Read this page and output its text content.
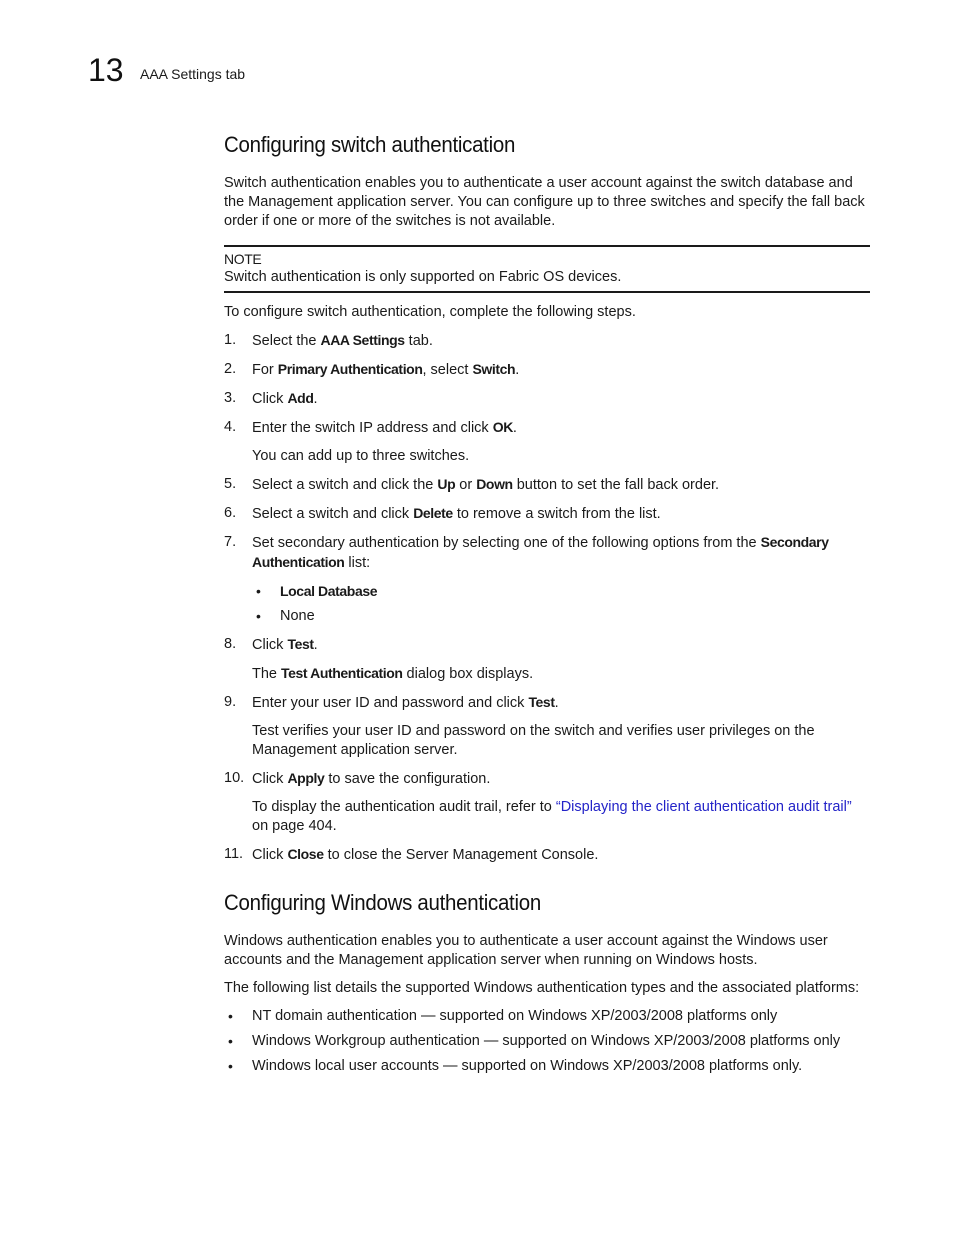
13 AAA Settings tab
Configuring switch authentication

Switch authentication enables you to authenticate a user account against the switch database and the Management application server. You can configure up to three switches and specify the fall back order if one or more of the switches is not available.

NOTE

Switch authentication is only supported on Fabric OS devices.

To configure switch authentication, complete the following steps.

1. Select the AAA Settings tab.

2. For Primary Authentication, select Switch.

3. Click Add.

4. Enter the switch IP address and click OK.

You can add up to three switches.

5. Select a switch and click the Up or Down button to set the fall back order.

6. Select a switch and click Delete to remove a switch from the list.

7. Set secondary authentication by selecting one of the following options from the Secondary Authentication list:

• Local Database
• None
8. Click Test.

The Test Authentication dialog box displays.

9. Enter your user ID and password and click Test.

Test verifies your user ID and password on the switch and verifies user privileges on the Management application server.

10. Click Apply to save the configuration.

To display the authentication audit trail, refer to “Displaying the client authentication audit trail” on page 404.

11. Click Close to close the Server Management Console.

Configuring Windows authentication

Windows authentication enables you to authenticate a user account against the Windows user accounts and the Management application server when running on Windows hosts.

The following list details the supported Windows authentication types and the associated platforms:

• NT domain authentication — supported on Windows XP/2003/2008 platforms only
• Windows Workgroup authentication — supported on Windows XP/2003/2008 platforms only
• Windows local user accounts — supported on Windows XP/2003/2008 platforms only.
